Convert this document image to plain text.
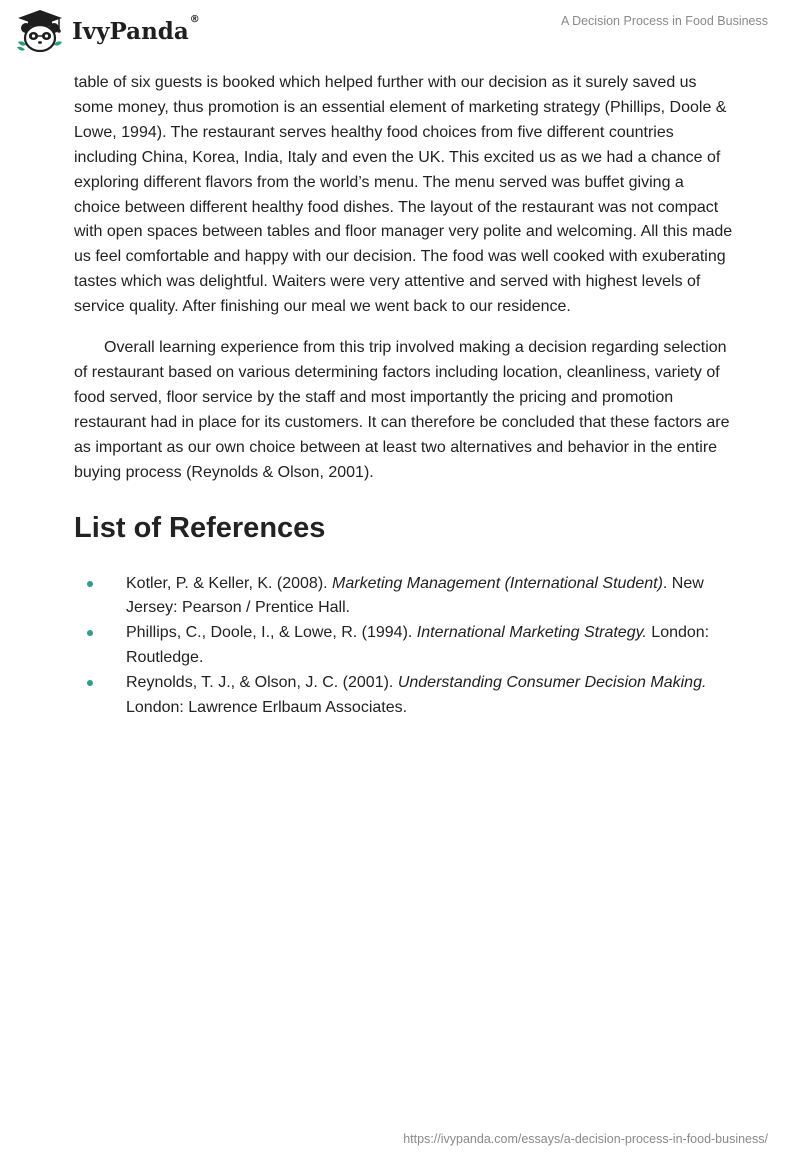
IvyPanda®	A Decision Process in Food Business

table of six guests is booked which helped further with our decision as it surely saved us some money, thus promotion is an essential element of marketing strategy (Phillips, Doole & Lowe, 1994). The restaurant serves healthy food choices from five different countries including China, Korea, India, Italy and even the UK. This excited us as we had a chance of exploring different flavors from the world’s menu. The menu served was buffet giving a choice between different healthy food dishes. The layout of the restaurant was not compact with open spaces between tables and floor manager very polite and welcoming. All this made us feel comfortable and happy with our decision. The food was well cooked with exuberating tastes which was delightful. Waiters were very attentive and served with highest levels of service quality. After finishing our meal we went back to our residence.

Overall learning experience from this trip involved making a decision regarding selection of restaurant based on various determining factors including location, cleanliness, variety of food served, floor service by the staff and most importantly the pricing and promotion restaurant had in place for its customers. It can therefore be concluded that these factors are as important as our own choice between at least two alternatives and behavior in the entire buying process (Reynolds & Olson, 2001).

List of References
Kotler, P. & Keller, K. (2008). Marketing Management (International Student). New Jersey: Pearson / Prentice Hall.
Phillips, C., Doole, I., & Lowe, R. (1994). International Marketing Strategy. London: Routledge.
Reynolds, T. J., & Olson, J. C. (2001). Understanding Consumer Decision Making. London: Lawrence Erlbaum Associates.
https://ivypanda.com/essays/a-decision-process-in-food-business/
